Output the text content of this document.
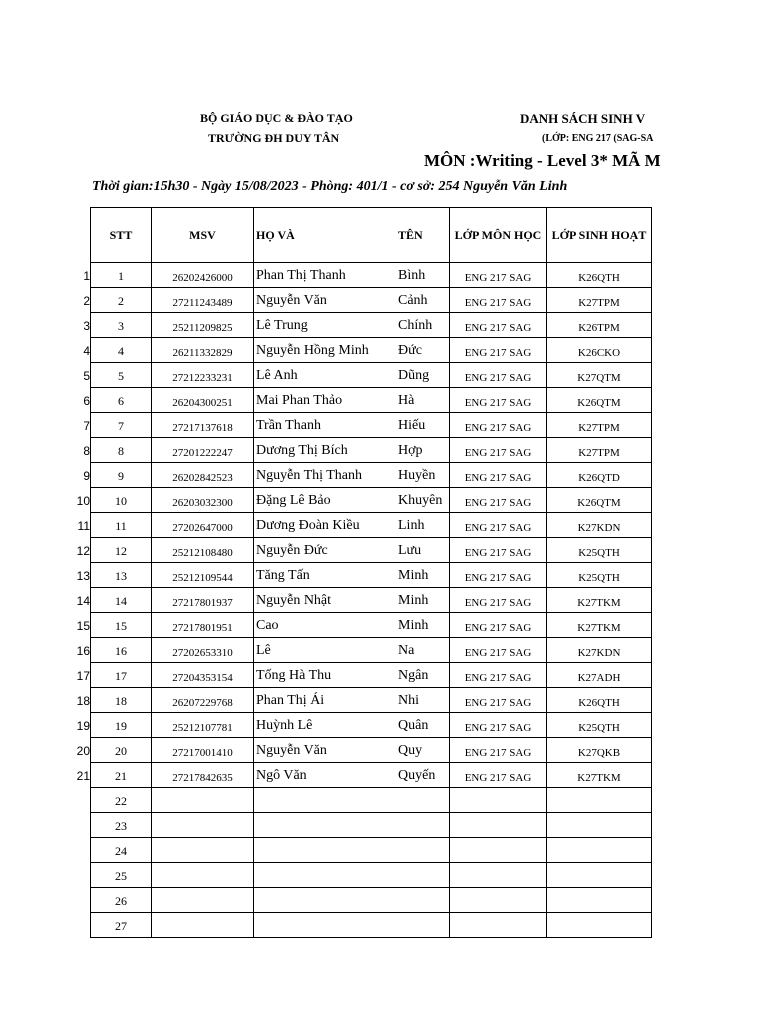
BỘ GIÁO DỤC & ĐÀO TẠO
TRƯỜNG ĐH DUY TÂN
DANH SÁCH SINH V
(LỚP: ENG 217 (SAG-SA
MÔN :Writing - Level 3* MÃ M
Thời gian:15h30 - Ngày 15/08/2023 - Phòng: 401/1 - cơ sở: 254 Nguyễn Văn Linh
1
2
3
4
5
6
7
8
9
10
11
12
13
14
15
16
17
18
19
20
21
STT	MSV	HỌ VÀ TÊN	LỚP MÔN HỌC	LỚP SINH HOẠT

1	26202426000	Phan Thị Thanh Bình	ENG 217 SAG	K26QTH

2	27211243489	Nguyễn Văn Cảnh	ENG 217 SAG	K27TPM

3	25211209825	Lê Trung Chính	ENG 217 SAG	K26TPM

4	26211332829	Nguyễn Hồng Minh Đức	ENG 217 SAG	K26CKO

5	27212233231	Lê Anh Dũng	ENG 217 SAG	K27QTM

6	26204300251	Mai Phan Thảo Hà	ENG 217 SAG	K26QTM

7	27217137618	Trần Thanh Hiếu	ENG 217 SAG	K27TPM

8	27201222247	Dương Thị Bích Hợp	ENG 217 SAG	K27TPM

9	26202842523	Nguyễn Thị Thanh Huyền	ENG 217 SAG	K26QTD

10	26203032300	Đặng Lê Bảo Khuyên	ENG 217 SAG	K26QTM

11	27202647000	Dương Đoàn Kiều Linh	ENG 217 SAG	K27KDN

12	25212108480	Nguyễn Đức Lưu	ENG 217 SAG	K25QTH

13	25212109544	Tăng Tấn Minh	ENG 217 SAG	K25QTH

14	27217801937	Nguyễn Nhật Minh	ENG 217 SAG	K27TKM

15	27217801951	Cao Minh	ENG 217 SAG	K27TKM

16	27202653310	Lê Na	ENG 217 SAG	K27KDN

17	27204353154	Tống Hà Thu Ngân	ENG 217 SAG	K27ADH

18	26207229768	Phan Thị Ái Nhi	ENG 217 SAG	K26QTH

19	25212107781	Huỳnh Lê Quân	ENG 217 SAG	K25QTH

20	27217001410	Nguyễn Văn Quy	ENG 217 SAG	K27QKB

21	27217842635	Ngô Văn Quyến	ENG 217 SAG	K27TKM

22				

23				

24				

25				

26				

27				
